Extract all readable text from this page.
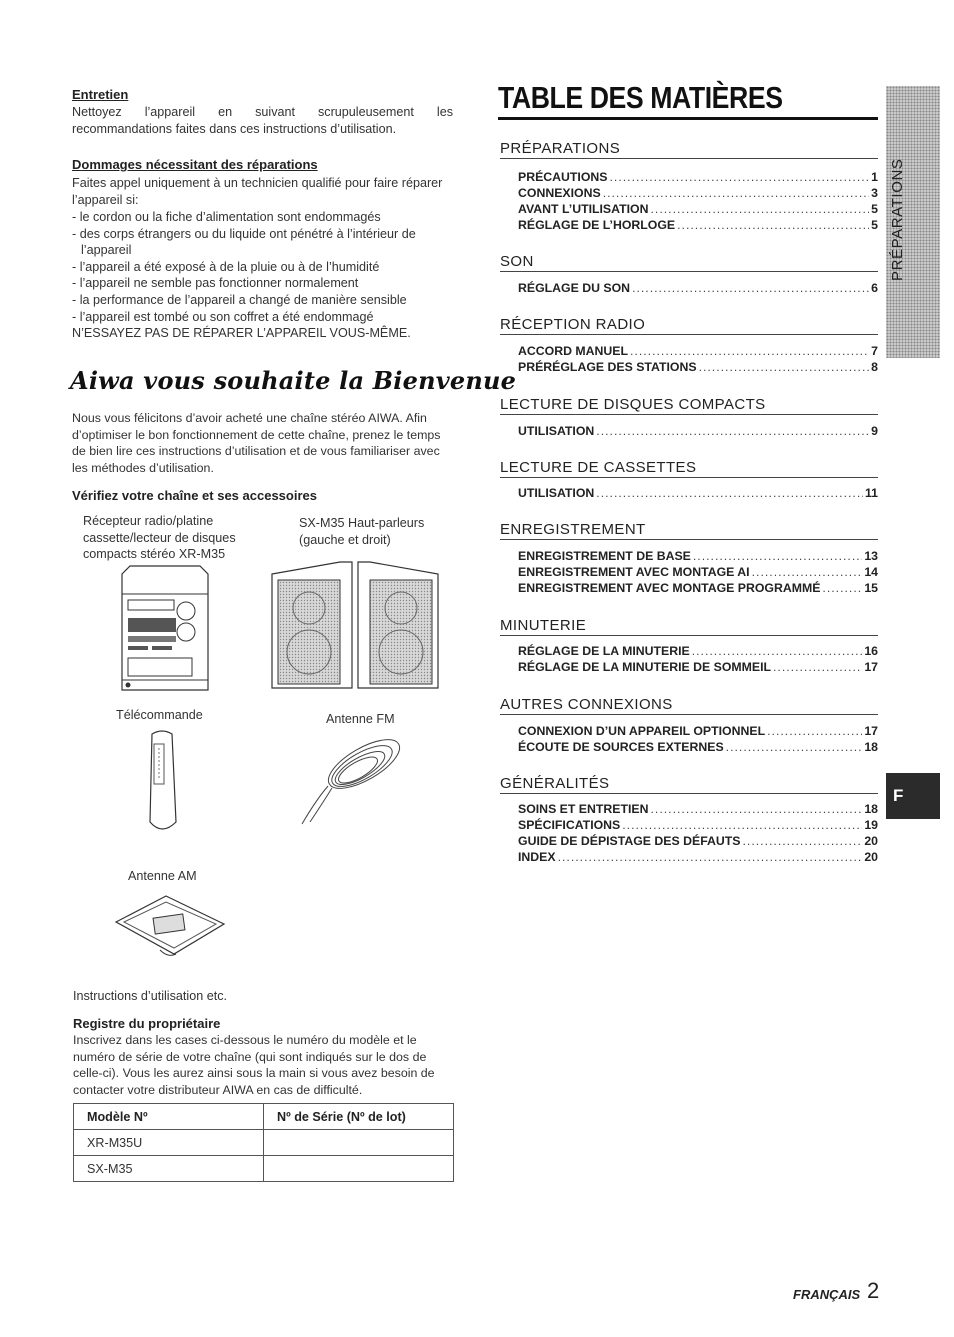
Entretien
Nettoyez l’appareil en suivant scrupuleusement les recommandations faites dans ces instructions d’utilisation.
Dommages nécessitant des réparations
Faites appel uniquement à un technicien qualifié pour faire réparer l’appareil si:
- le cordon ou la fiche d’alimentation sont endommagés
- des corps étrangers ou du liquide ont pénétré à l’intérieur de l’appareil
- l’appareil a été exposé à de la pluie ou à de l’humidité
- l’appareil ne semble pas fonctionner normalement
- la performance de l’appareil a changé de manière sensible
- l’appareil est tombé ou son coffret a été endommagé
N’ESSAYEZ PAS DE RÉPARER L’APPAREIL VOUS-MÊME.
Aiwa vous souhaite la Bienvenue
Nous vous félicitons d’avoir acheté une chaîne stéréo AIWA. Afin d’optimiser le bon fonctionnement de cette chaîne, prenez le temps de bien lire ces instructions d’utilisation et de vous familiariser avec les méthodes d’utilisation.
Vérifiez votre chaîne et ses accessoires
Récepteur radio/platine cassette/lecteur de disques compacts stéréo XR-M35
SX-M35 Haut-parleurs (gauche et droit)
Télécommande	Antenne FM
Antenne AM
Instructions d’utilisation etc.
Registre du propriétaire
Inscrivez dans les cases ci-dessous le numéro du modèle et le numéro de série de votre chaîne (qui sont indiqués sur le dos de celle-ci). Vous les aurez ainsi sous la main si vous avez besoin de contacter votre distributeur AIWA en cas de difficulté.
Modèle Nº	Nº de Série (Nº de lot)
XR-M35U	
SX-M35	
TABLE DES MATIÈRES
PRÉPARATIONS
PRÉCAUTIONS .....	1
CONNEXIONS .....	3
AVANT L’UTILISATION .....	5
RÉGLAGE DE L’HORLOGE .....	5
SON
RÉGLAGE DU SON .....	6
RÉCEPTION RADIO
ACCORD MANUEL .....	7
PRÉRÉGLAGE DES STATIONS .....	8
LECTURE DE DISQUES COMPACTS
UTILISATION .....	9
LECTURE DE CASSETTES
UTILISATION .....	11
ENREGISTREMENT
ENREGISTREMENT DE BASE .....	13
ENREGISTREMENT AVEC MONTAGE AI .....	14
ENREGISTREMENT AVEC MONTAGE PROGRAMMÉ .....	15
MINUTERIE
RÉGLAGE DE LA MINUTERIE .....	16
RÉGLAGE DE LA MINUTERIE DE SOMMEIL .....	17
AUTRES CONNEXIONS
CONNEXION D’UN APPAREIL OPTIONNEL .....	17
ÉCOUTE DE SOURCES EXTERNES .....	18
GÉNÉRALITÉS
SOINS ET ENTRETIEN .....	18
SPÉCIFICATIONS .....	19
GUIDE DE DÉPISTAGE DES DÉFAUTS .....	20
INDEX .....	20
PRÉPARATIONS
F
FRANÇAIS 2
